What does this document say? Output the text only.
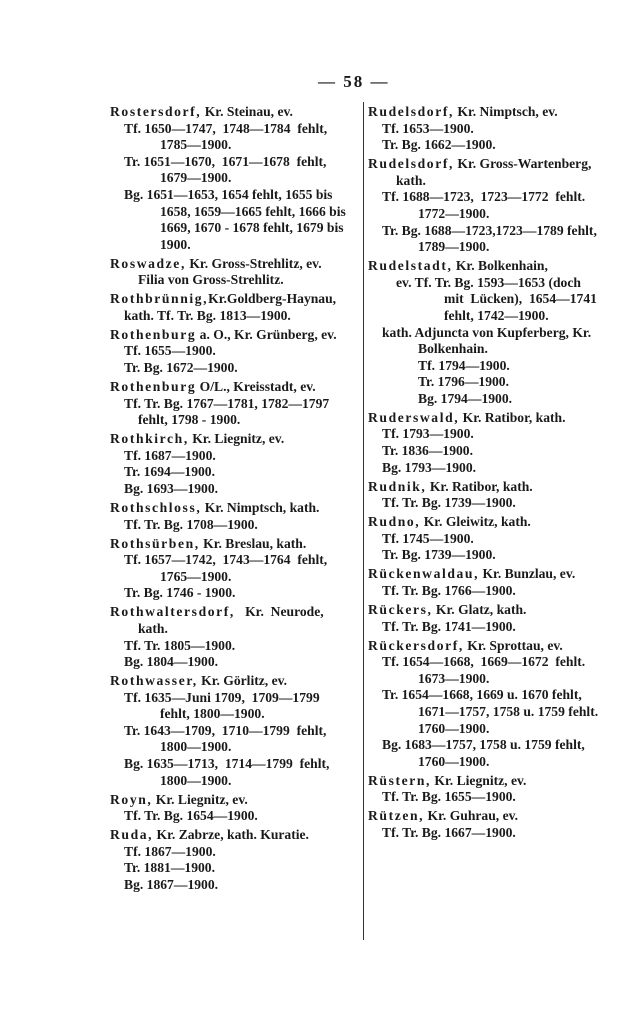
— 58 —
Rostersdorf, Kr. Steinau, ev.
Tf. 1650—1747,  1748—1784  fehlt,
1785—1900.
Tr. 1651—1670,  1671—1678  fehlt,
1679—1900.
Bg. 1651—1653, 1654 fehlt, 1655 bis
1658, 1659—1665 fehlt, 1666 bis
1669, 1670 - 1678 fehlt, 1679 bis
1900.
Roswadze, Kr. Gross-Strehlitz, ev.
Filia von Gross-Strehlitz.
Rothbrünnig,Kr.Goldberg-Haynau,
kath. Tf. Tr. Bg. 1813—1900.
Rothenburg a. O., Kr. Grünberg, ev.
Tf. 1655—1900.
Tr. Bg. 1672—1900.
Rothenburg O/L., Kreisstadt, ev.
Tf. Tr. Bg. 1767—1781, 1782—1797
fehlt, 1798 - 1900.
Rothkirch, Kr. Liegnitz, ev.
Tf. 1687—1900.
Tr. 1694—1900.
Bg. 1693—1900.
Rothschloss, Kr. Nimptsch, kath.
Tf. Tr. Bg. 1708—1900.
Rothsürben, Kr. Breslau, kath.
Tf. 1657—1742,  1743—1764  fehlt,
1765—1900.
Tr. Bg. 1746 - 1900.
Rothwaltersdorf,   Kr.  Neurode,
kath.
Tf. Tr. 1805—1900.
Bg. 1804—1900.
Rothwasser, Kr. Görlitz, ev.
Tf. 1635—Juni 1709,  1709—1799
fehlt, 1800—1900.
Tr. 1643—1709,  1710—1799  fehlt,
1800—1900.
Bg. 1635—1713,  1714—1799  fehlt,
1800—1900.
Royn, Kr. Liegnitz, ev.
Tf. Tr. Bg. 1654—1900.
Ruda, Kr. Zabrze, kath. Kuratie.
Tf. 1867—1900.
Tr. 1881—1900.
Bg. 1867—1900.
Rudelsdorf, Kr. Nimptsch, ev.
Tf. 1653—1900.
Tr. Bg. 1662—1900.
Rudelsdorf, Kr. Gross-Wartenberg,
kath.
Tf. 1688—1723,  1723—1772  fehlt.
1772—1900.
Tr. Bg. 1688—1723,1723—1789 fehlt,
1789—1900.
Rudelstadt, Kr. Bolkenhain,
ev. Tf. Tr. Bg. 1593—1653 (doch
mit  Lücken),  1654—1741
fehlt, 1742—1900.
kath. Adjuncta von Kupferberg, Kr.
Bolkenhain.
Tf. 1794—1900.
Tr. 1796—1900.
Bg. 1794—1900.
Ruderswald, Kr. Ratibor, kath.
Tf. 1793—1900.
Tr. 1836—1900.
Bg. 1793—1900.
Rudnik, Kr. Ratibor, kath.
Tf. Tr. Bg. 1739—1900.
Rudno, Kr. Gleiwitz, kath.
Tf. 1745—1900.
Tr. Bg. 1739—1900.
Rückenwaldau, Kr. Bunzlau, ev.
Tf. Tr. Bg. 1766—1900.
Rückers, Kr. Glatz, kath.
Tf. Tr. Bg. 1741—1900.
Rückersdorf, Kr. Sprottau, ev.
Tf. 1654—1668,  1669—1672  fehlt.
1673—1900.
Tr. 1654—1668, 1669 u. 1670 fehlt,
1671—1757, 1758 u. 1759 fehlt.
1760—1900.
Bg. 1683—1757, 1758 u. 1759 fehlt,
1760—1900.
Rüstern, Kr. Liegnitz, ev.
Tf. Tr. Bg. 1655—1900.
Rützen, Kr. Guhrau, ev.
Tf. Tr. Bg. 1667—1900.
